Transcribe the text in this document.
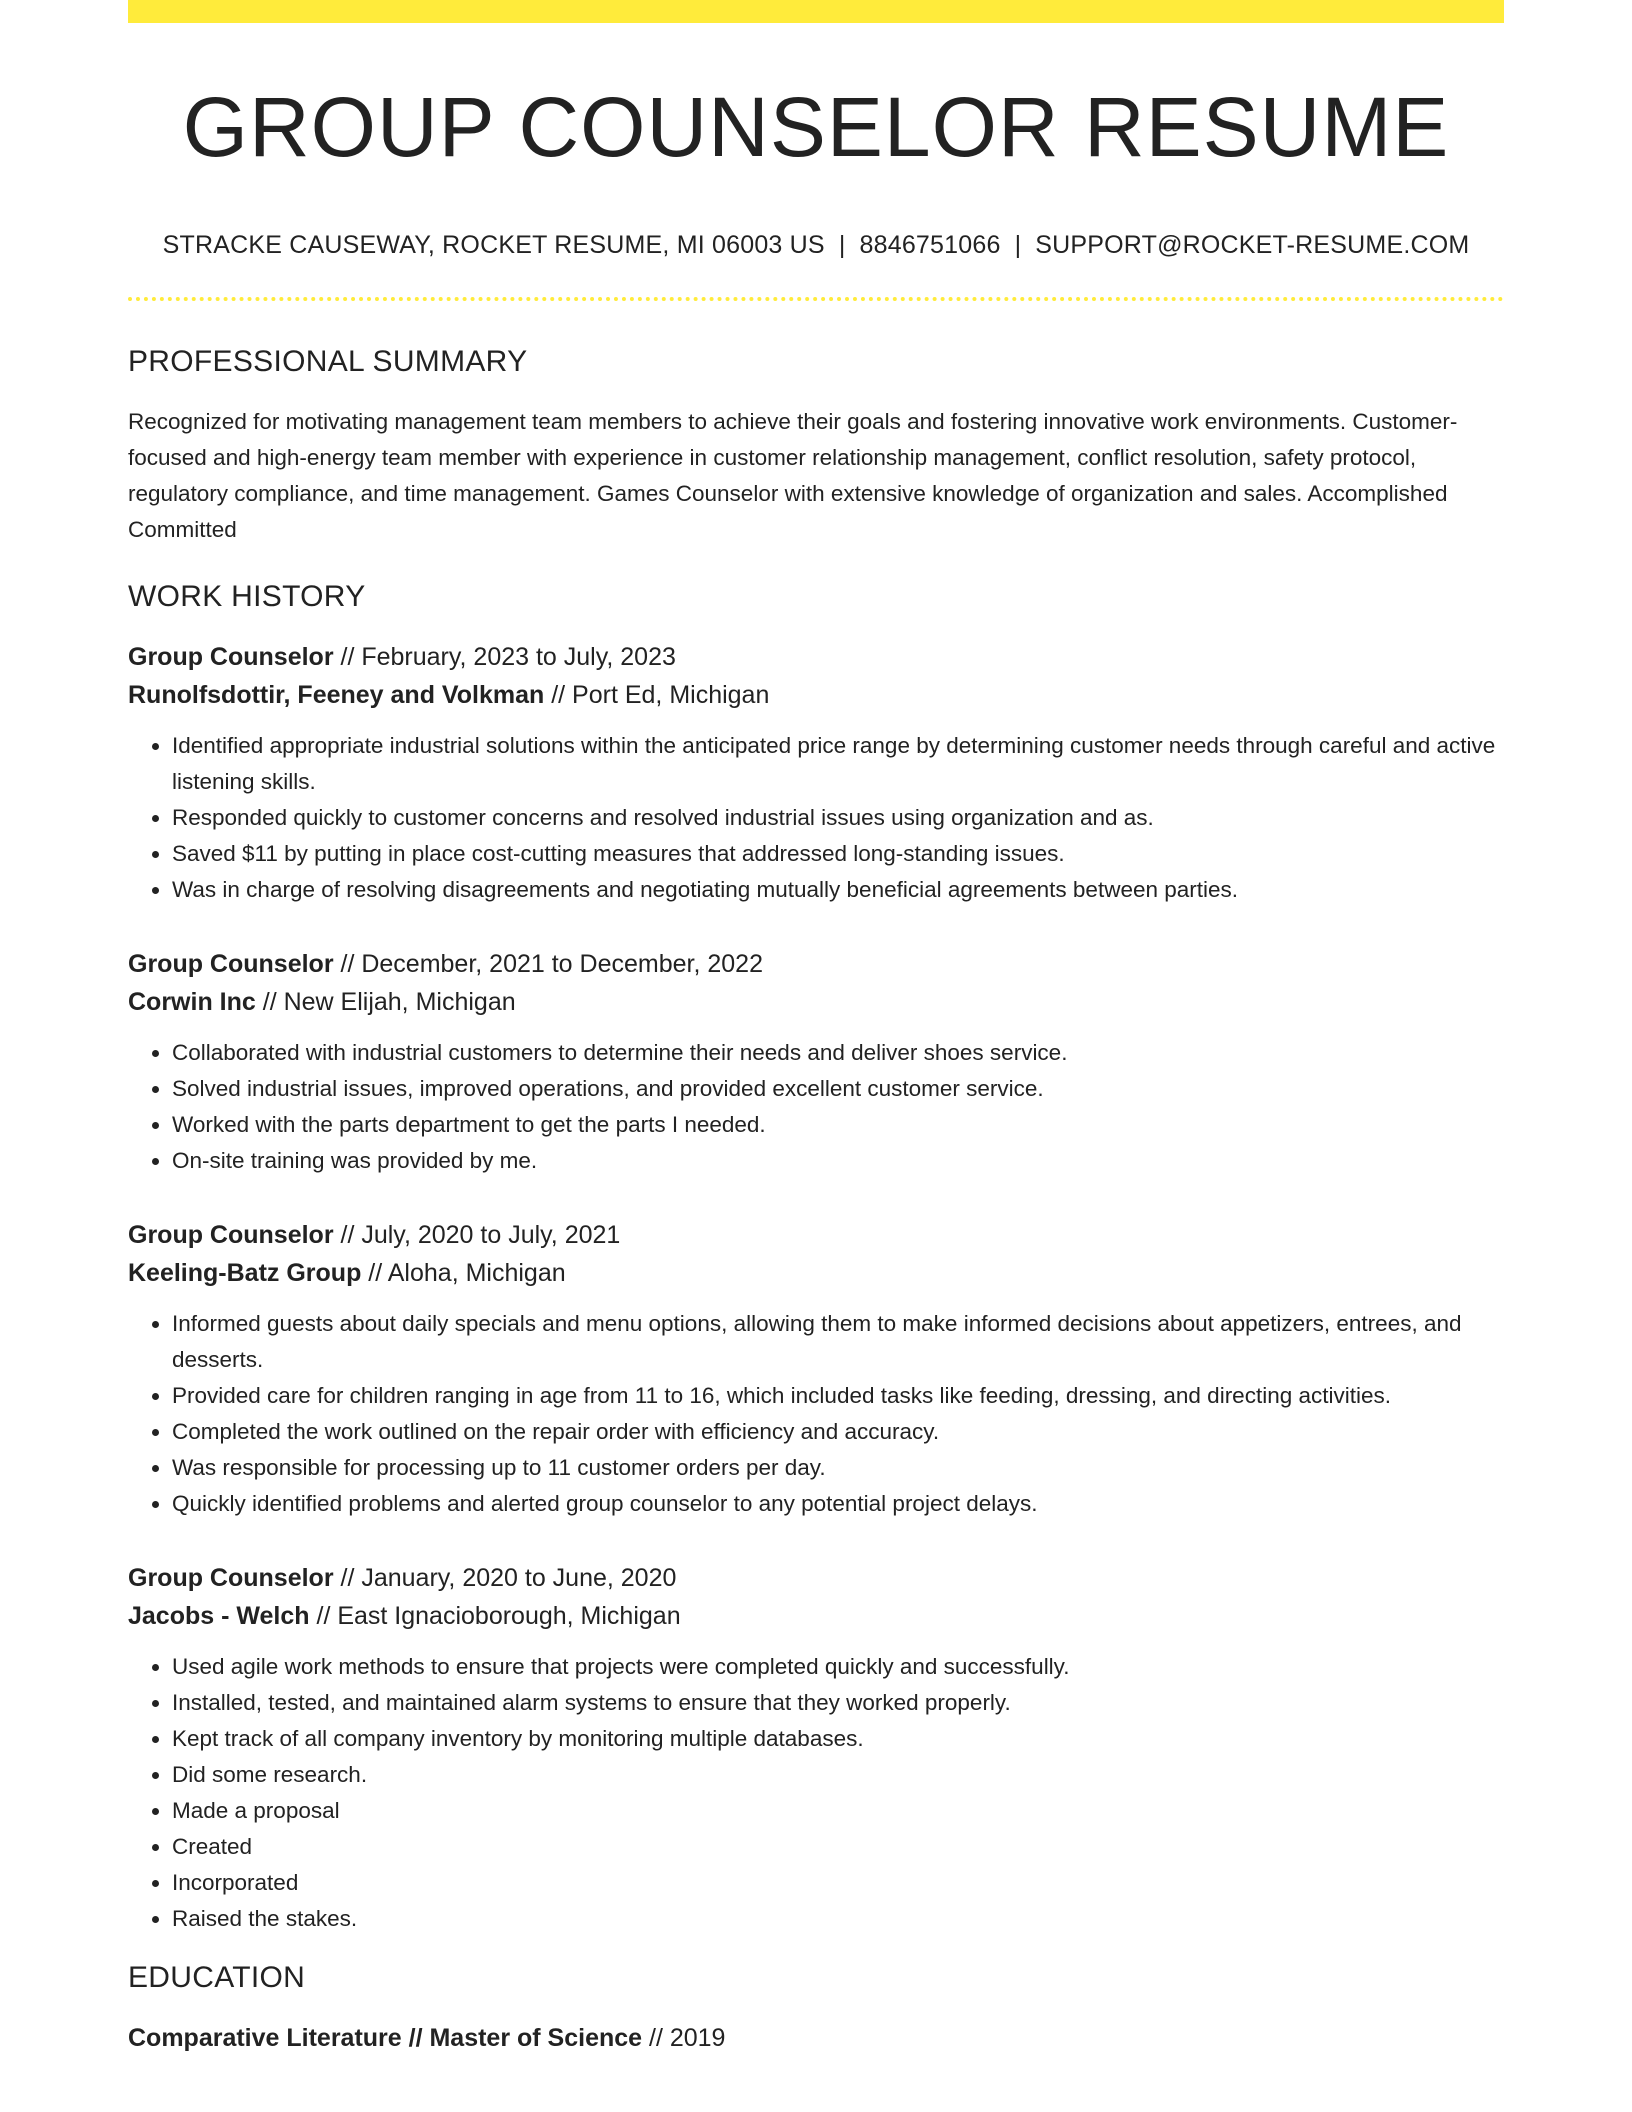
GROUP COUNSELOR RESUME
STRACKE CAUSEWAY, ROCKET RESUME, MI 06003 US | 8846751066 | SUPPORT@ROCKET-RESUME.COM
PROFESSIONAL SUMMARY

Recognized for motivating management team members to achieve their goals and fostering innovative work environments. Customer-focused and high-energy team member with experience in customer relationship management, conflict resolution, safety protocol, regulatory compliance, and time management. Games Counselor with extensive knowledge of organization and sales. Accomplished Committed

WORK HISTORY
Group Counselor // February, 2023 to July, 2023
Runolfsdottir, Feeney and Volkman // Port Ed, Michigan
• Identified appropriate industrial solutions within the anticipated price range by determining customer needs through careful and active listening skills.
• Responded quickly to customer concerns and resolved industrial issues using organization and as.
• Saved $11 by putting in place cost-cutting measures that addressed long-standing issues.
• Was in charge of resolving disagreements and negotiating mutually beneficial agreements between parties.
Group Counselor // December, 2021 to December, 2022
Corwin Inc // New Elijah, Michigan
• Collaborated with industrial customers to determine their needs and deliver shoes service.
• Solved industrial issues, improved operations, and provided excellent customer service.
• Worked with the parts department to get the parts I needed.
• On-site training was provided by me.
Group Counselor // July, 2020 to July, 2021
Keeling-Batz Group // Aloha, Michigan
• Informed guests about daily specials and menu options, allowing them to make informed decisions about appetizers, entrees, and desserts.
• Provided care for children ranging in age from 11 to 16, which included tasks like feeding, dressing, and directing activities.
• Completed the work outlined on the repair order with efficiency and accuracy.
• Was responsible for processing up to 11 customer orders per day.
• Quickly identified problems and alerted group counselor to any potential project delays.
Group Counselor // January, 2020 to June, 2020
Jacobs - Welch // East Ignacioborough, Michigan
• Used agile work methods to ensure that projects were completed quickly and successfully.
• Installed, tested, and maintained alarm systems to ensure that they worked properly.
• Kept track of all company inventory by monitoring multiple databases.
• Did some research.
• Made a proposal
• Created
• Incorporated
• Raised the stakes.
EDUCATION
Comparative Literature // Master of Science // 2019
